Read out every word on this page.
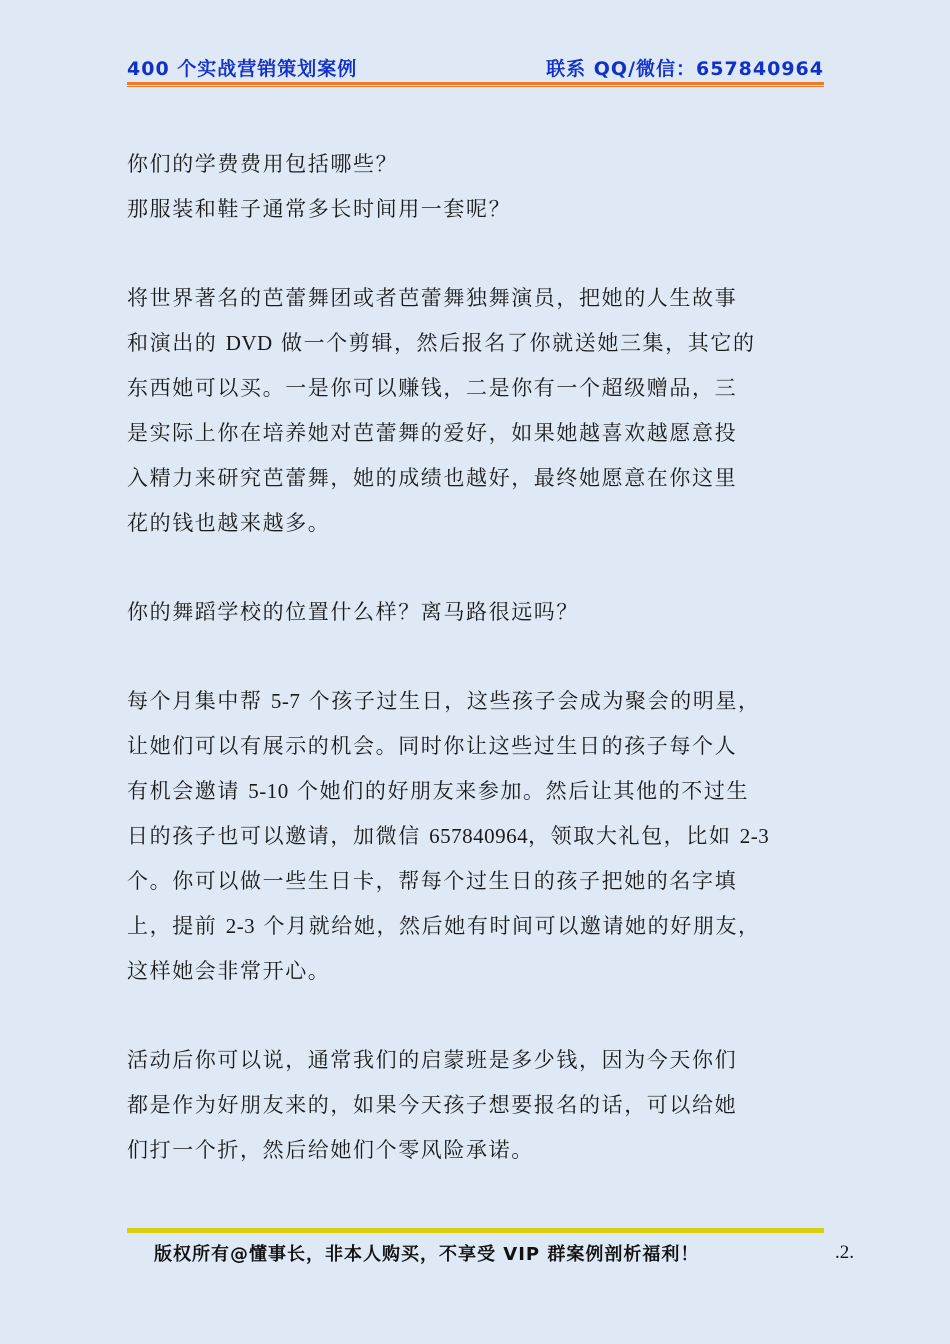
400 个实战营销策划案例	联系 QQ/微信：657840964
你们的学费费用包括哪些？
那服装和鞋子通常多长时间用一套呢？
将世界著名的芭蕾舞团或者芭蕾舞独舞演员，把她的人生故事
和演出的 DVD 做一个剪辑，然后报名了你就送她三集，其它的
东西她可以买。一是你可以赚钱，二是你有一个超级赠品，三
是实际上你在培养她对芭蕾舞的爱好，如果她越喜欢越愿意投
入精力来研究芭蕾舞，她的成绩也越好，最终她愿意在你这里
花的钱也越来越多。
你的舞蹈学校的位置什么样？离马路很远吗？
每个月集中帮 5-7 个孩子过生日，这些孩子会成为聚会的明星，
让她们可以有展示的机会。同时你让这些过生日的孩子每个人
有机会邀请 5-10 个她们的好朋友来参加。然后让其他的不过生
日的孩子也可以邀请，加微信 657840964，领取大礼包，比如 2-3
个。你可以做一些生日卡，帮每个过生日的孩子把她的名字填
上，提前 2-3 个月就给她，然后她有时间可以邀请她的好朋友，
这样她会非常开心。
活动后你可以说，通常我们的启蒙班是多少钱，因为今天你们
都是作为好朋友来的，如果今天孩子想要报名的话，可以给她
们打一个折，然后给她们个零风险承诺。
版权所有@懂事长，非本人购买，不享受 VIP 群案例剖析福利！	.2.
